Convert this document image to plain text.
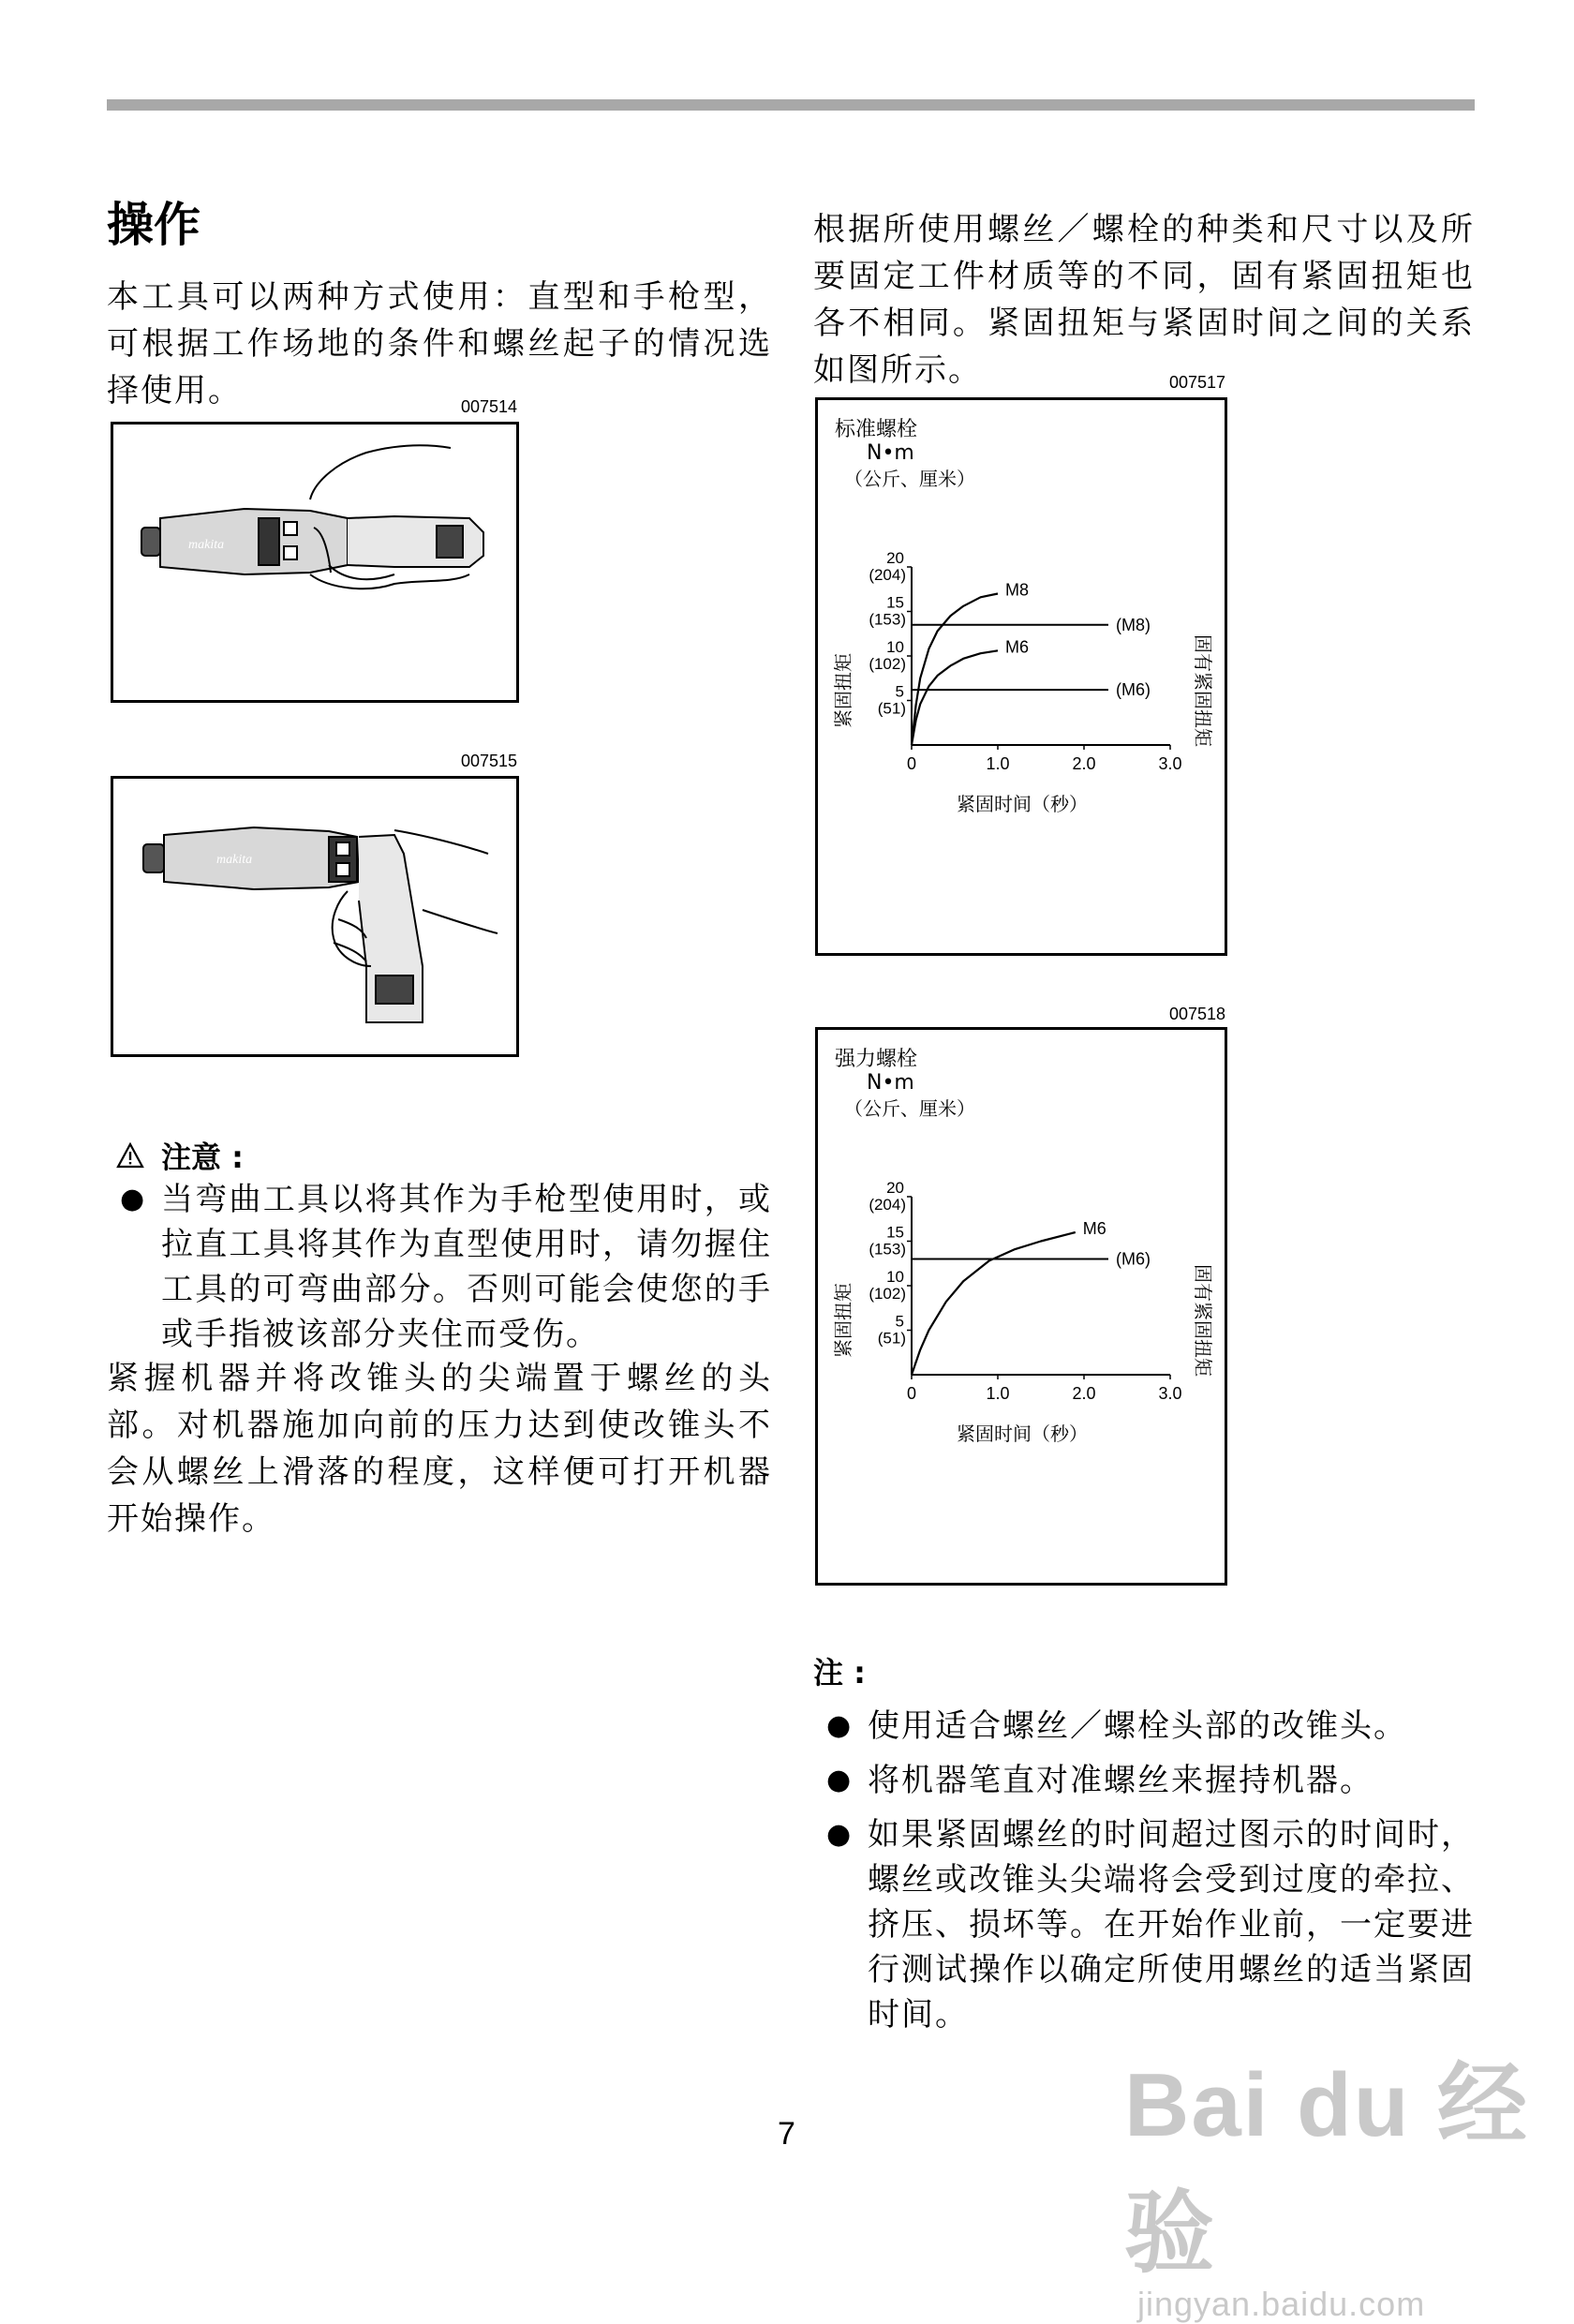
操作

本工具可以两种方式使用：直型和手枪型，可根据工作场地的条件和螺丝起子的情况选择使用。	007514
makita
007515
makita
注意 :
● 当弯曲工具以将其作为手枪型使用时，或拉直工具将其作为直型使用时，请勿握住工具的可弯曲部分。否则可能会使您的手或手指被该部分夹住而受伤。

紧握机器并将改锥头的尖端置于螺丝的头部。对机器施加向前的压力达到使改锥头不会从螺丝上滑落的程度，这样便可打开机器开始操作。

根据所使用螺丝／螺栓的种类和尺寸以及所要固定工件材质等的不同，固有紧固扭矩也各不相同。紧固扭矩与紧固时间之间的关系如图所示。	007517
标准螺栓
N•m
（公斤、厘米）
5
(51)
10
(102)
15
(153)
20
(204)
0	1.0	2.0	3.0
(M8)
(M6)
M8
M6
紧固扭矩	固有紧固扭矩
紧固时间（秒）
007518
强力螺栓
N•m
（公斤、厘米）
5
(51)
10
(102)
15
(153)
20
(204)
0	1.0	2.0	3.0
(M6)
M6
紧固扭矩	固有紧固扭矩
紧固时间（秒）
注 :
● 使用适合螺丝／螺栓头部的改锥头。
● 将机器笔直对准螺丝来握持机器。
● 如果紧固螺丝的时间超过图示的时间时，螺丝或改锥头尖端将会受到过度的牵拉、挤压、损坏等。在开始作业前，一定要进行测试操作以确定所使用螺丝的适当紧固时间。
7	Bai du 经验
jingyan.baidu.com
